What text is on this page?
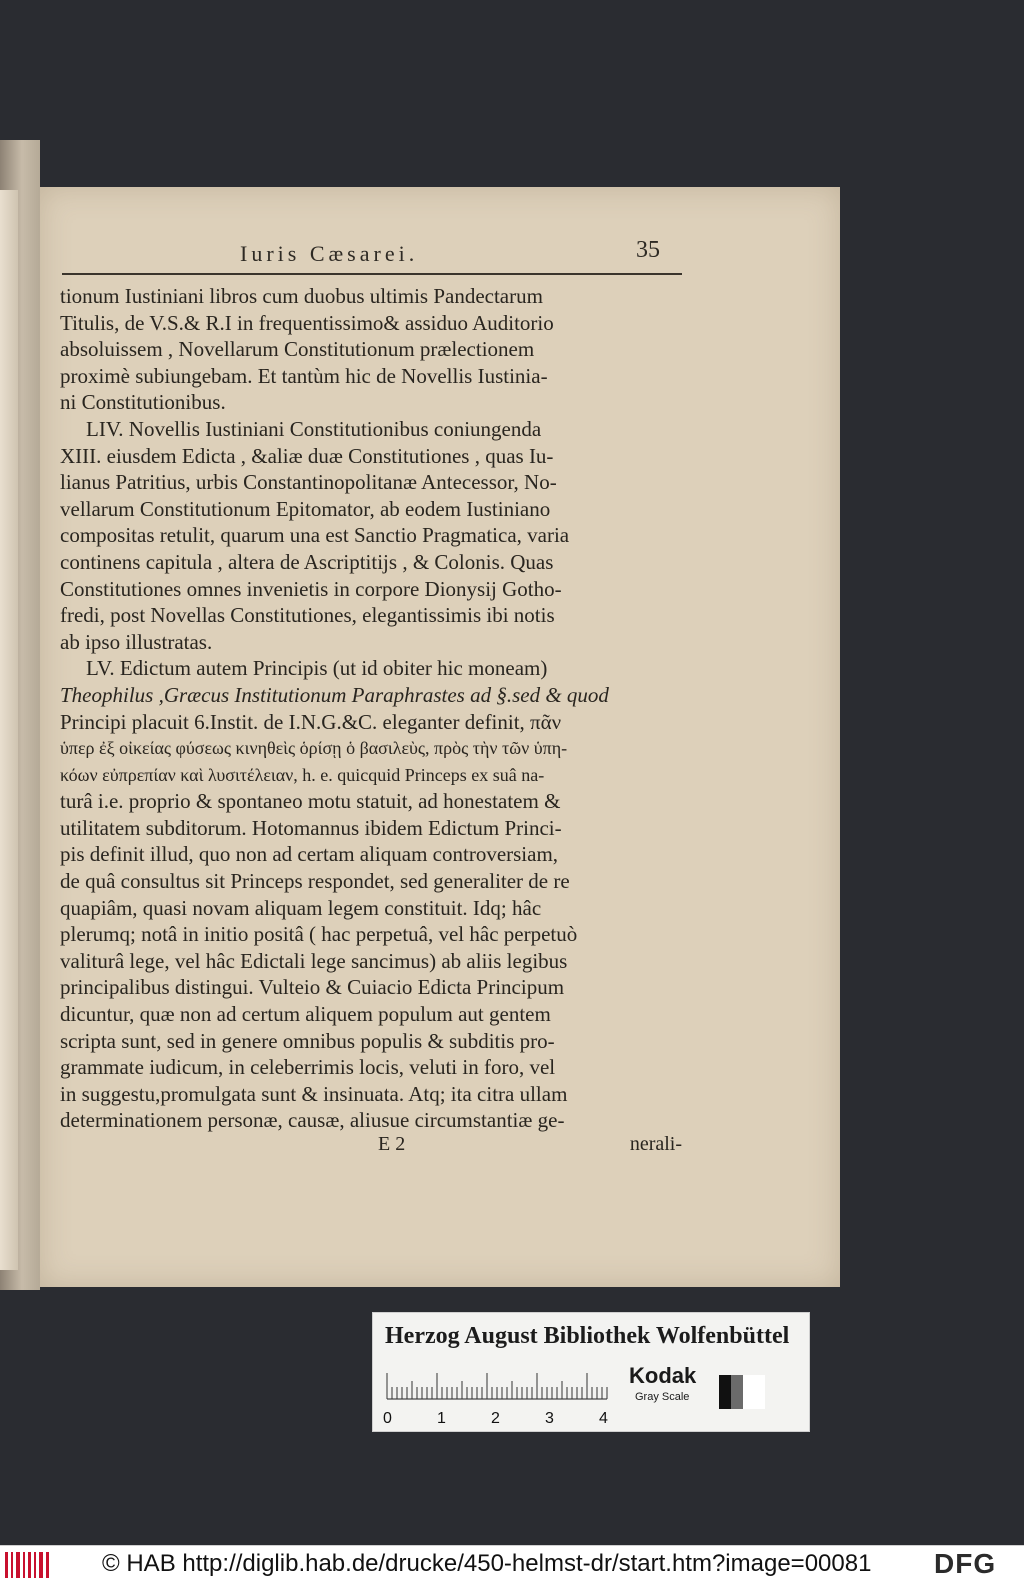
Iuris Cæsarei.	35
tionum Iustiniani libros cum duobus ultimis Pandectarum
Titulis, de V.S.& R.I in frequentissimo& assiduo Auditorio
absoluissem , Novellarum Constitutionum prælectionem
proximè subiungebam. Et tantùm hic de Novellis Iustinia-
ni Constitutionibus.
LIV. Novellis Iustiniani Constitutionibus coniungenda
XIII. eiusdem Edicta , &aliæ duæ Constitutiones , quas Iu-
lianus Patritius, urbis Constantinopolitanæ Antecessor, No-
vellarum Constitutionum Epitomator, ab eodem Iustiniano
compositas retulit, quarum una est Sanctio Pragmatica, varia
continens capitula , altera de Ascriptitijs , & Colonis. Quas
Constitutiones omnes invenietis in corpore Dionysij Gotho-
fredi, post Novellas Constitutiones, elegantissimis ibi notis
ab ipso illustratas.
LV. Edictum autem Principis (ut id obiter hic moneam)
Theophilus ,Græcus Institutionum Paraphrastes ad §.sed & quod
Principi placuit 6.Instit. de I.N.G.&C. eleganter definit, πᾶν
ὑπερ ἐξ οἰκείας φύσεως κινηθεὶς ὁρίσῃ ὁ βασιλεὺς, πρὸς τὴν τῶν ὑπη-
κόων εὐπρεπίαν καὶ λυσιτέλειαν, h. e. quicquid Princeps ex suâ na-
turâ i.e. proprio & spontaneo motu statuit, ad honestatem &
utilitatem subditorum. Hotomannus ibidem Edictum Princi-
pis definit illud, quo non ad certam aliquam controversiam,
de quâ consultus sit Princeps respondet, sed generaliter de re
quapiâm, quasi novam aliquam legem constituit. Idq; hâc
plerumq; notâ in initio positâ ( hac perpetuâ, vel hâc perpetuò
valiturâ lege, vel hâc Edictali lege sancimus) ab aliis legibus
principalibus distingui. Vulteio & Cuiacio Edicta Principum
dicuntur, quæ non ad certum aliquem populum aut gentem
scripta sunt, sed in genere omnibus populis & subditis pro-
grammate iudicum, in celeberrimis locis, veluti in foro, vel
in suggestu,promulgata sunt & insinuata. Atq; ita citra ullam
determinationem personæ, causæ, aliusue circumstantiæ ge-
E 2	nerali-
Herzog August Bibliothek Wolfenbüttel
0	1	2	3	4
Kodak
Gray Scale
© HAB http://diglib.hab.de/drucke/450-helmst-dr/start.htm?image=00081	DFG
